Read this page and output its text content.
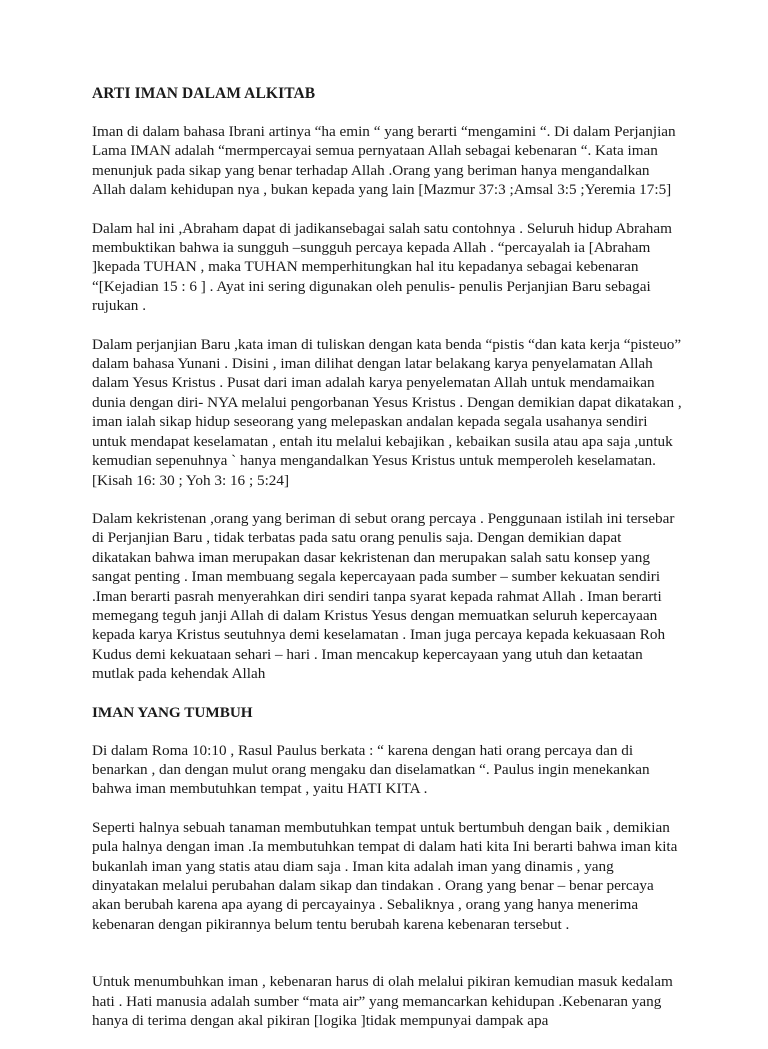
ARTI IMAN DALAM ALKITAB

Iman di dalam bahasa Ibrani artinya “ha emin “ yang berarti “mengamini “. Di dalam Perjanjian Lama IMAN adalah “mermpercayai semua pernyataan Allah sebagai kebenaran “. Kata iman menunjuk pada sikap yang benar terhadap Allah .Orang yang beriman hanya mengandalkan Allah dalam kehidupan nya , bukan kepada yang lain [Mazmur 37:3 ;Amsal 3:5 ;Yeremia 17:5]

Dalam hal ini ,Abraham dapat di jadikansebagai salah satu contohnya . Seluruh hidup Abraham membuktikan bahwa ia sungguh –sungguh percaya kepada Allah . “percayalah ia [Abraham ]kepada TUHAN , maka TUHAN memperhitungkan hal itu kepadanya sebagai kebenaran “[Kejadian 15 : 6 ] . Ayat ini sering digunakan oleh penulis- penulis Perjanjian Baru sebagai rujukan .

Dalam perjanjian Baru ,kata iman di tuliskan dengan kata benda “pistis “dan kata kerja “pisteuo” dalam bahasa Yunani . Disini , iman dilihat dengan latar belakang karya penyelamatan Allah dalam Yesus Kristus . Pusat dari iman adalah karya penyelematan Allah untuk mendamaikan dunia dengan diri- NYA melalui pengorbanan Yesus Kristus . Dengan demikian dapat dikatakan , iman ialah sikap hidup seseorang yang melepaskan andalan kepada segala usahanya sendiri untuk mendapat keselamatan , entah itu melalui kebajikan , kebaikan susila atau apa saja ,untuk kemudian sepenuhnya ` hanya mengandalkan Yesus Kristus untuk memperoleh keselamatan. [Kisah 16: 30 ; Yoh 3: 16 ; 5:24]

Dalam kekristenan ,orang yang beriman di sebut orang percaya . Penggunaan istilah ini tersebar di Perjanjian Baru , tidak terbatas pada satu orang penulis saja. Dengan demikian dapat dikatakan bahwa iman merupakan dasar kekristenan dan merupakan salah satu konsep yang sangat penting . Iman membuang segala kepercayaan pada sumber – sumber kekuatan sendiri .Iman berarti pasrah menyerahkan diri sendiri tanpa syarat kepada rahmat Allah . Iman berarti memegang teguh janji Allah di dalam Kristus Yesus dengan memuatkan seluruh kepercayaan kepada karya Kristus seutuhnya demi keselamatan . Iman juga percaya kepada kekuasaan Roh Kudus demi kekuataan sehari – hari . Iman mencakup kepercayaan yang utuh dan ketaatan mutlak pada kehendak Allah

IMAN YANG TUMBUH

Di dalam Roma 10:10 , Rasul Paulus berkata : “ karena dengan hati orang percaya dan di benarkan , dan dengan mulut orang mengaku dan diselamatkan “. Paulus ingin menekankan bahwa iman membutuhkan tempat , yaitu HATI KITA .

Seperti halnya sebuah tanaman membutuhkan tempat untuk bertumbuh dengan baik , demikian pula halnya dengan iman .Ia membutuhkan tempat di dalam hati kita Ini berarti bahwa iman kita bukanlah iman yang statis atau diam saja . Iman kita adalah iman yang dinamis , yang dinyatakan melalui perubahan dalam sikap dan tindakan . Orang yang benar – benar percaya akan berubah karena apa ayang di percayainya . Sebaliknya , orang yang hanya menerima kebenaran dengan pikirannya belum tentu berubah karena kebenaran tersebut .

Untuk menumbuhkan iman , kebenaran harus di olah melalui pikiran kemudian masuk kedalam hati . Hati manusia adalah sumber “mata air” yang memancarkan kehidupan .Kebenaran yang hanya di terima dengan akal pikiran [logika ]tidak mempunyai dampak apa
